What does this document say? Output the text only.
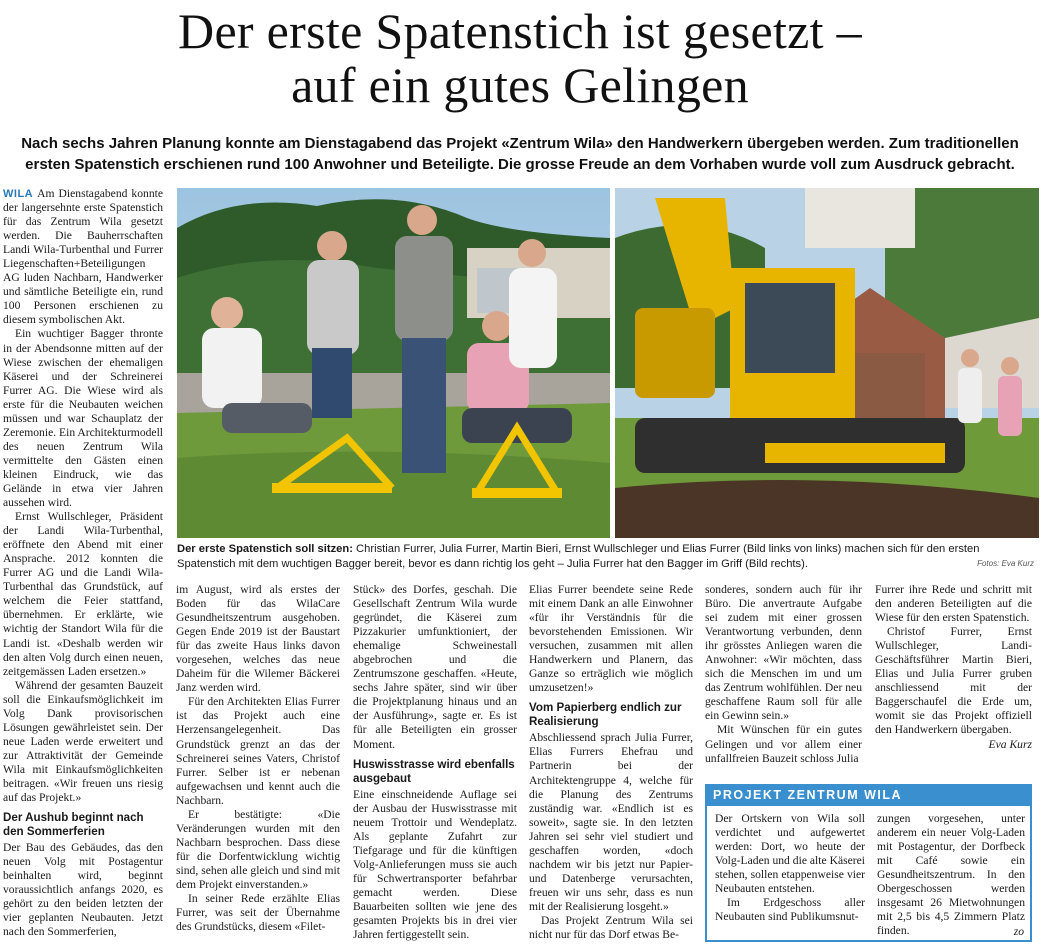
Der erste Spatenstich ist gesetzt –
auf ein gutes Gelingen
Nach sechs Jahren Planung konnte am Dienstagabend das Projekt «Zentrum Wila» den Handwerkern übergeben werden. Zum traditionellen ersten Spatenstich erschienen rund 100 Anwohner und Beteiligte. Die grosse Freude an dem Vorhaben wurde voll zum Ausdruck gebracht.

WILA Am Dienstagabend konnte der langersehnte erste Spatenstich für das Zentrum Wila gesetzt werden. Die Bauherrschaften Landi Wila-Turbenthal und Furrer Liegenschaften+Beteiligungen AG luden Nachbarn, Handwerker und sämtliche Beteiligte ein, rund 100 Personen erschienen zu diesem symbolischen Akt.

Ein wuchtiger Bagger thronte in der Abendsonne mitten auf der Wiese zwischen der ehemaligen Käserei und der Schreinerei Furrer AG. Die Wiese wird als erste für die Neubauten weichen müssen und war Schauplatz der Zeremonie. Ein Architekturmodell des neuen Zentrum Wila vermittelte den Gästen einen kleinen Eindruck, wie das Gelände in etwa vier Jahren aussehen wird.

Ernst Wullschleger, Präsident der Landi Wila-Turbenthal, eröffnete den Abend mit einer Ansprache. 2012 konnten die Furrer AG und die Landi Wila-Turbenthal das Grundstück, auf welchem die Feier stattfand, übernehmen. Er erklärte, wie wichtig der Standort Wila für die Landi ist. «Deshalb werden wir den alten Volg durch einen neuen, zeitgemässen Laden ersetzen.»

Während der gesamten Bauzeit soll die Einkaufsmöglichkeit im Volg Dank provisorischen Lösungen gewährleistet sein. Der neue Laden werde erweitert und zur Attraktivität der Gemeinde Wila mit Einkaufsmöglichkeiten beitragen. «Wir freuen uns riesig auf das Projekt.»

Der Aushub beginnt nach den Sommerferien

Der Bau des Gebäudes, das den neuen Volg mit Postagentur beinhalten wird, beginnt voraussichtlich anfangs 2020, es gehört zu den beiden letzten der vier geplanten Neubauten. Jetzt nach den Sommerferien,

Der erste Spatenstich soll sitzen: Christian Furrer, Julia Furrer, Martin Bieri, Ernst Wullschleger und Elias Furrer (Bild links von links) machen sich für den ersten Spatenstich mit dem wuchtigen Bagger bereit, bevor es dann richtig los geht – Julia Furrer hat den Bagger im Griff (Bild rechts).	Fotos: Eva Kurz

im August, wird als erstes der Boden für das WilaCare Gesundheitszentrum ausgehoben. Gegen Ende 2019 ist der Baustart für das zweite Haus links davon vorgesehen, welches das neue Daheim für die Wilemer Bäckerei Janz werden wird.

Für den Architekten Elias Furrer ist das Projekt auch eine Herzensangelegenheit. Das Grundstück grenzt an das der Schreinerei seines Vaters, Christof Furrer. Selber ist er nebenan aufgewachsen und kennt auch die Nachbarn.

Er bestätigte: «Die Veränderungen wurden mit den Nachbarn besprochen. Dass diese für die Dorfentwicklung wichtig sind, sehen alle gleich und sind mit dem Projekt einverstanden.»

In seiner Rede erzählte Elias Furrer, was seit der Übernahme des Grundstücks, diesem «Filet-

Stück» des Dorfes, geschah. Die Gesellschaft Zentrum Wila wurde gegründet, die Käserei zum Pizzakurier umfunktioniert, der ehemalige Schweinestall abgebrochen und die Zentrumszone geschaffen. «Heute, sechs Jahre später, sind wir über die Projektplanung hinaus und an der Ausführung», sagte er. Es ist für alle Beteiligten ein grosser Moment.

Huswisstrasse wird ebenfalls ausgebaut

Eine einschneidende Auflage sei der Ausbau der Huswisstrasse mit neuem Trottoir und Wendeplatz. Als geplante Zufahrt zur Tiefgarage und für die künftigen Volg-Anlieferungen muss sie auch für Schwertransporter befahrbar gemacht werden. Diese Bauarbeiten sollten wie jene des gesamten Projekts bis in drei vier Jahren fertiggestellt sein.

Elias Furrer beendete seine Rede mit einem Dank an alle Einwohner «für ihr Verständnis für die bevorstehenden Emissionen. Wir versuchen, zusammen mit allen Handwerkern und Planern, das Ganze so erträglich wie möglich umzusetzen!»

Vom Papierberg endlich zur Realisierung

Abschliessend sprach Julia Furrer, Elias Furrers Ehefrau und Partnerin bei der Architektengruppe 4, welche für die Planung des Zentrums zuständig war. «Endlich ist es soweit», sagte sie. In den letzten Jahren sei sehr viel studiert und geschaffen worden, «doch nachdem wir bis jetzt nur Papier- und Datenberge verursachten, freuen wir uns sehr, dass es nun mit der Realisierung losgeht.»

Das Projekt Zentrum Wila sei nicht nur für das Dorf etwas Be-

sonderes, sondern auch für ihr Büro. Die anvertraute Aufgabe sei zudem mit einer grossen Verantwortung verbunden, denn ihr grösstes Anliegen waren die Anwohner: «Wir möchten, dass sich die Menschen im und um das Zentrum wohlfühlen. Der neu geschaffene Raum soll für alle ein Gewinn sein.»

Mit Wünschen für ein gutes Gelingen und vor allem einer unfallfreien Bauzeit schloss Julia

Furrer ihre Rede und schritt mit den anderen Beteiligten auf die Wiese für den ersten Spatenstich.

Christof Furrer, Ernst Wullschleger, Landi-Geschäftsführer Martin Bieri, Elias und Julia Furrer gruben anschliessend mit der Baggerschaufel die Erde um, womit sie das Projekt offiziell den Handwerkern übergaben.

Eva Kurz

PROJEKT ZENTRUM WILA

Der Ortskern von Wila soll verdichtet und aufgewertet werden: Dort, wo heute der Volg-Laden und die alte Käserei stehen, sollen etappenweise vier Neubauten entstehen.

Im Erdgeschoss aller Neubauten sind Publikumsnut-

zungen vorgesehen, unter anderem ein neuer Volg-Laden mit Postagentur, der Dorfbeck mit Café sowie ein Gesundheitszentrum. In den Obergeschossen werden insgesamt 26 Mietwohnungen mit 2,5 bis 4,5 Zimmern Platz finden.	zo
